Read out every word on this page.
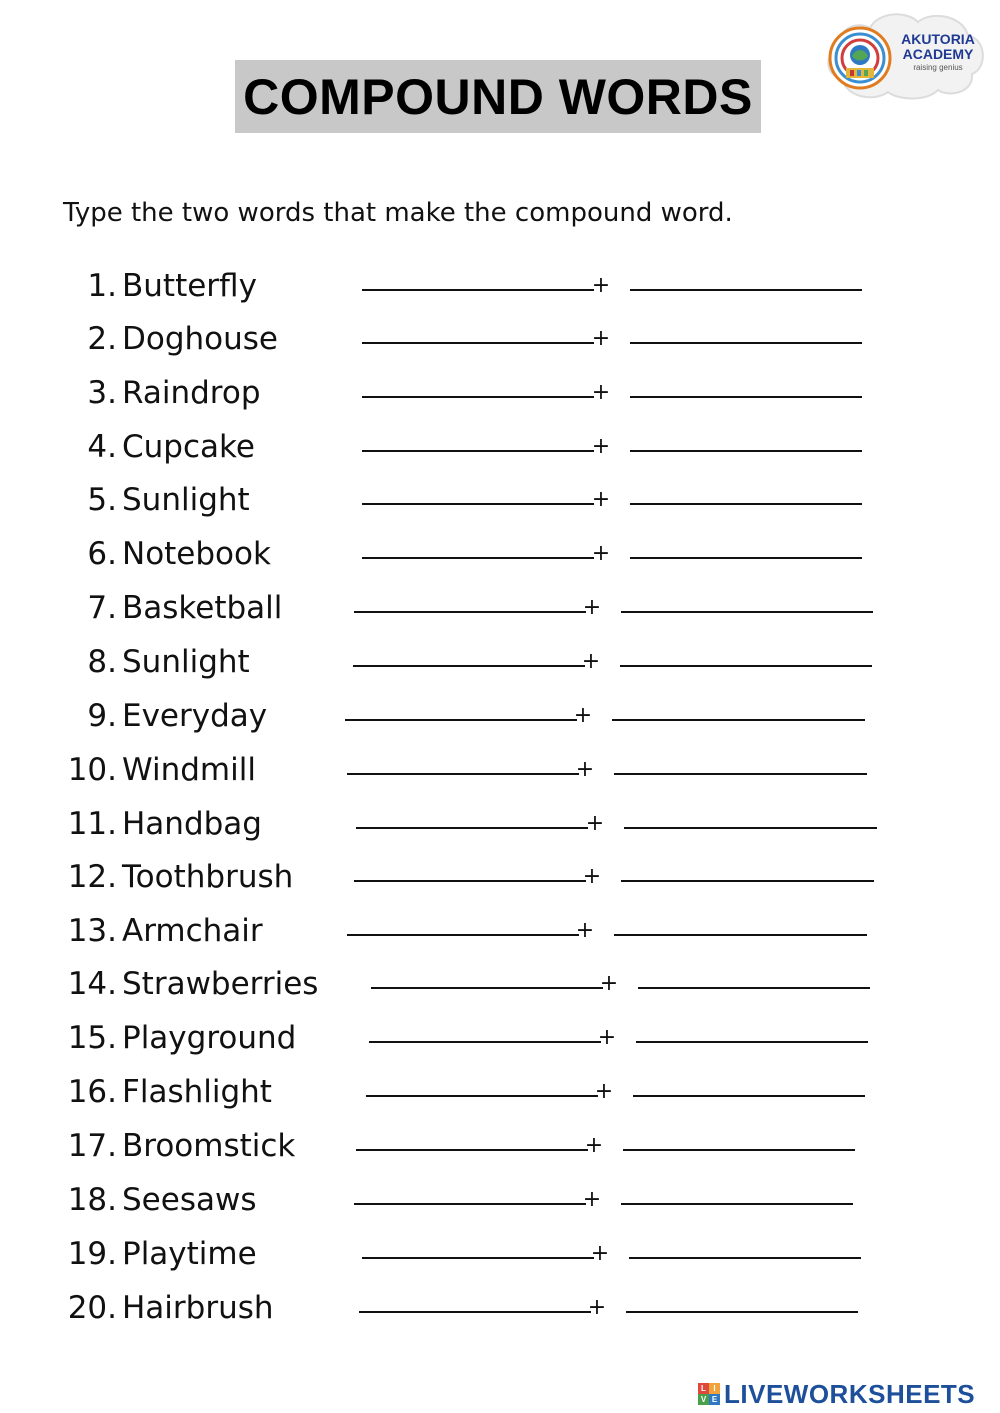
COMPOUND WORDS
AKUTORIA ACADEMY
raising genius
Type the two words that make the compound word.
1. Butterfly	+
2. Doghouse	+
3. Raindrop	+
4. Cupcake	+
5. Sunlight	+
6. Notebook	+
7. Basketball	+
8. Sunlight	+
9. Everyday	+
10. Windmill	+
11. Handbag	+
12. Toothbrush	+
13. Armchair	+
14. Strawberries	+
15. Playground	+
16. Flashlight	+
17. Broomstick	+
18. Seesaws	+
19. Playtime	+
20. Hairbrush	+
L I
V E LIVEWORKSHEETS
